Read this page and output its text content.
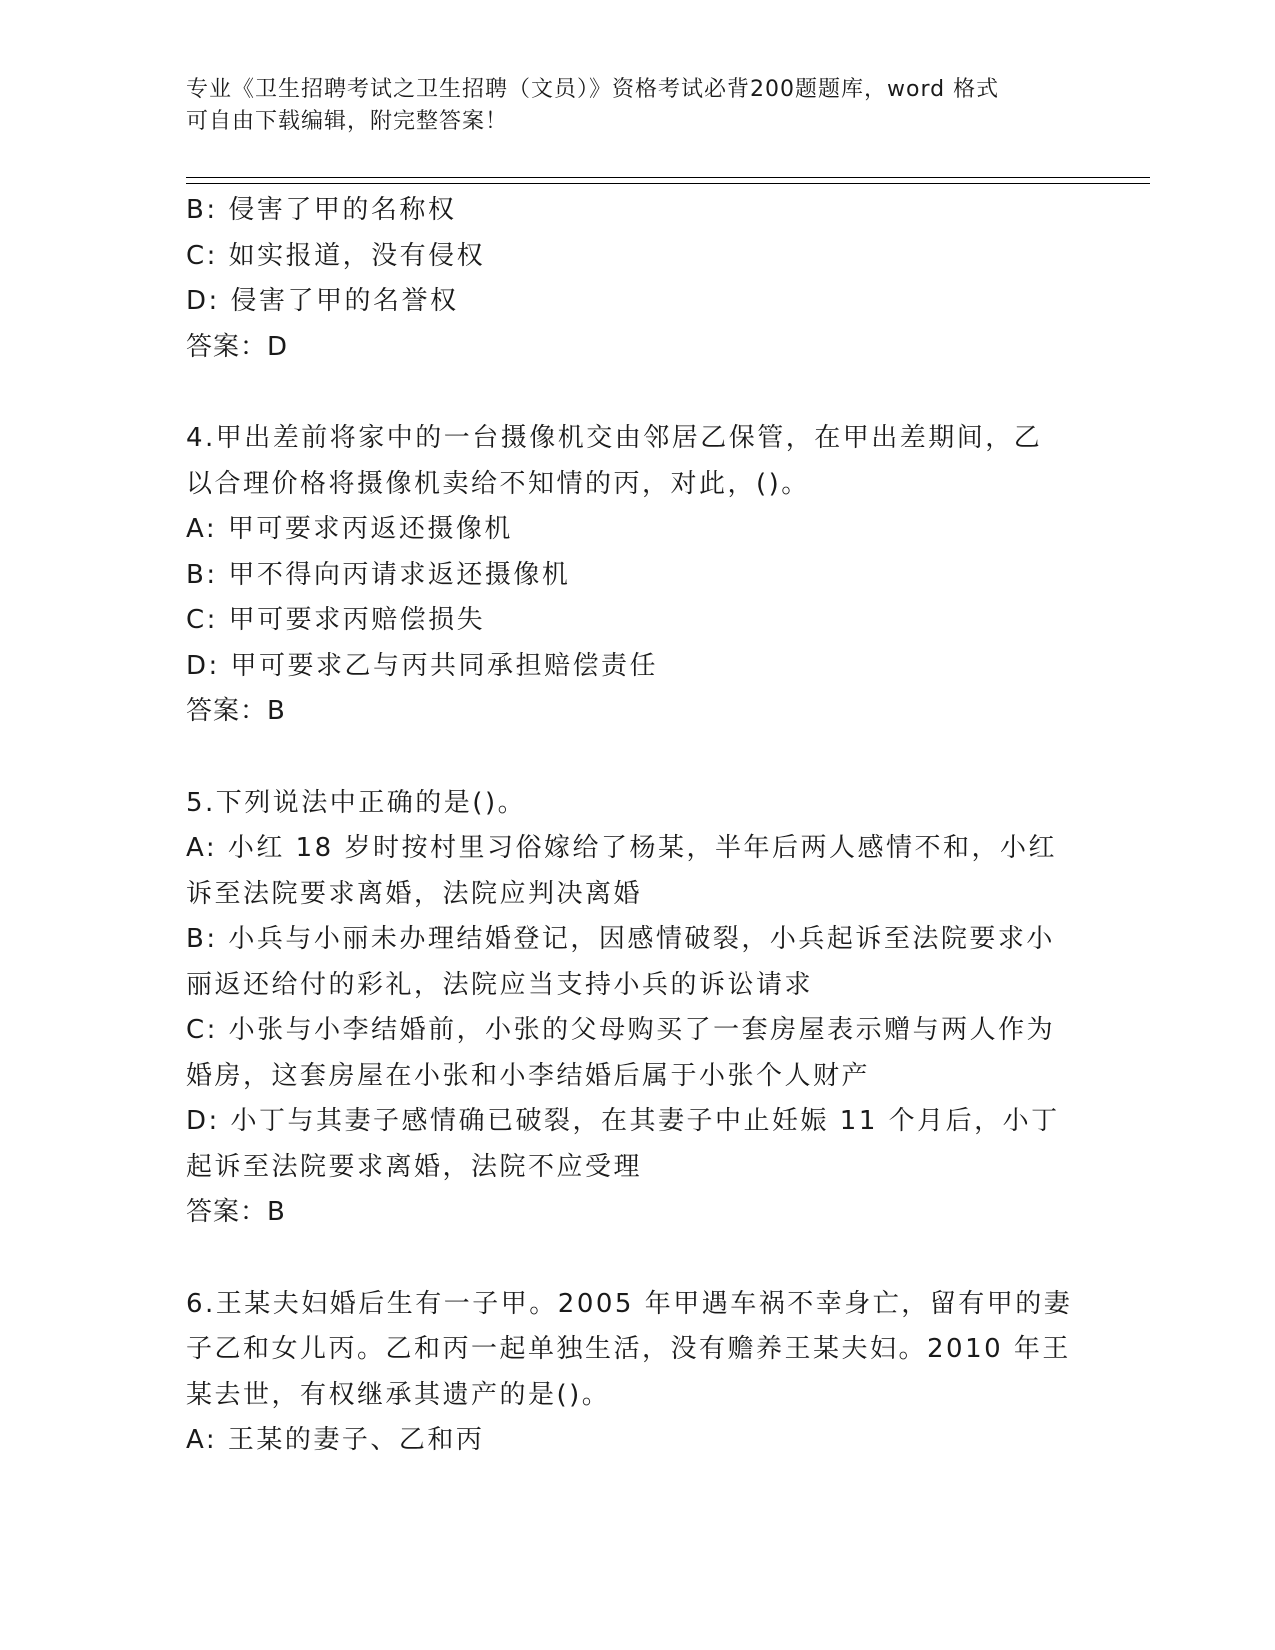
专业《卫生招聘考试之卫生招聘（文员）》资格考试必背200题题库，word 格式

可自由下载编辑，附完整答案！

B: 侵害了甲的名称权

C: 如实报道，没有侵权

D: 侵害了甲的名誉权

答案：D

4.甲出差前将家中的一台摄像机交由邻居乙保管，在甲出差期间，乙

以合理价格将摄像机卖给不知情的丙，对此，()。

A: 甲可要求丙返还摄像机

B: 甲不得向丙请求返还摄像机

C: 甲可要求丙赔偿损失

D: 甲可要求乙与丙共同承担赔偿责任

答案：B

5.下列说法中正确的是()。

A: 小红 18 岁时按村里习俗嫁给了杨某，半年后两人感情不和，小红

诉至法院要求离婚，法院应判决离婚

B: 小兵与小丽未办理结婚登记，因感情破裂，小兵起诉至法院要求小

丽返还给付的彩礼，法院应当支持小兵的诉讼请求

C: 小张与小李结婚前，小张的父母购买了一套房屋表示赠与两人作为

婚房，这套房屋在小张和小李结婚后属于小张个人财产

D: 小丁与其妻子感情确已破裂，在其妻子中止妊娠 11 个月后，小丁

起诉至法院要求离婚，法院不应受理

答案：B

6.王某夫妇婚后生有一子甲。2005 年甲遇车祸不幸身亡，留有甲的妻

子乙和女儿丙。乙和丙一起单独生活，没有赡养王某夫妇。2010 年王

某去世，有权继承其遗产的是()。

A: 王某的妻子、乙和丙
